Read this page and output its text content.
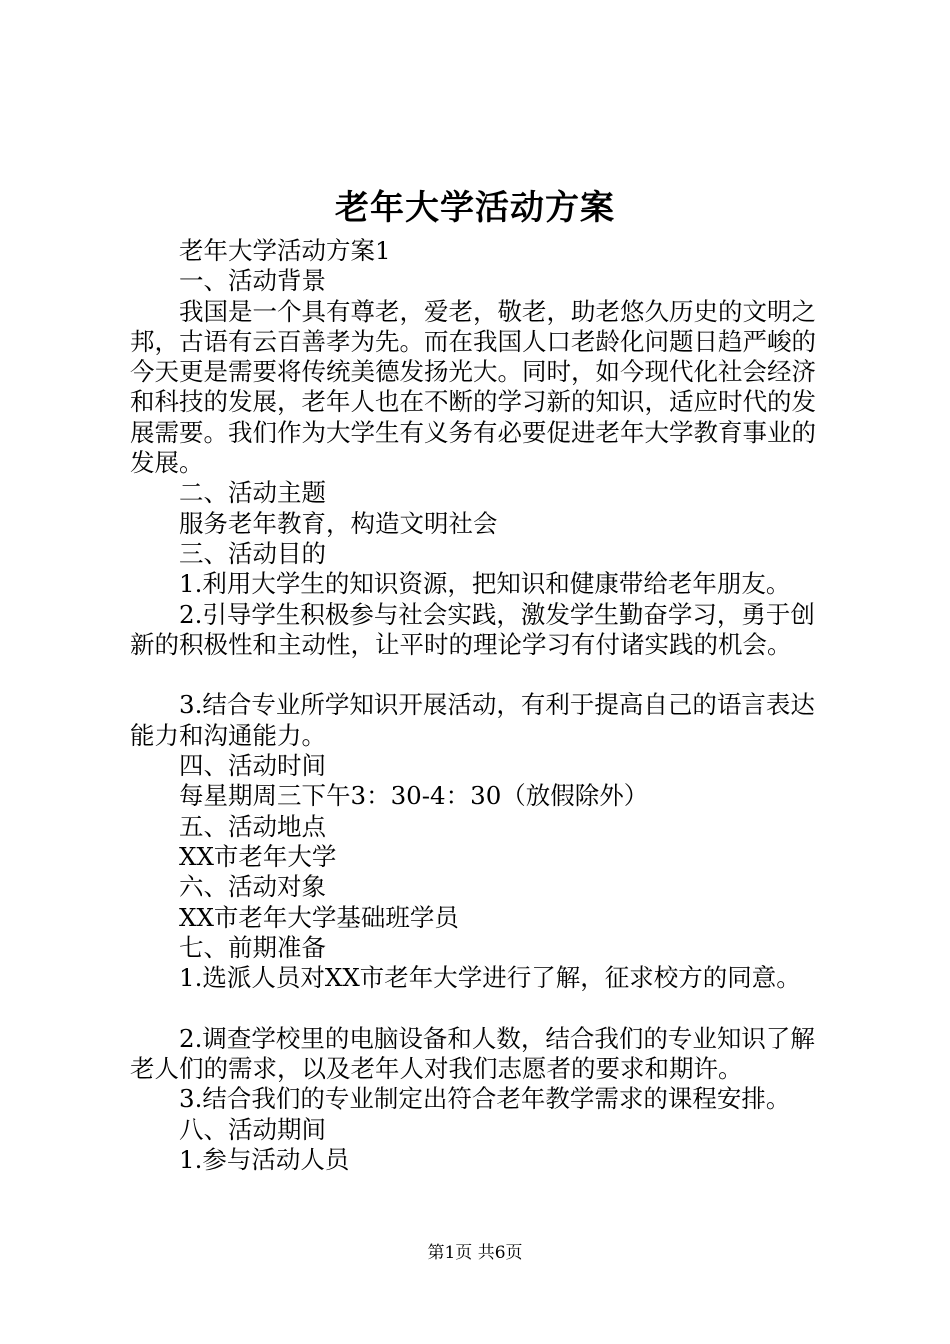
老年大学活动方案

老年大学活动方案1

一、活动背景

我国是一个具有尊老，爱老，敬老，助老悠久历史的文明之邦，古语有云百善孝为先。而在我国人口老龄化问题日趋严峻的今天更是需要将传统美德发扬光大。同时，如今现代化社会经济和科技的发展，老年人也在不断的学习新的知识，适应时代的发展需要。我们作为大学生有义务有必要促进老年大学教育事业的发展。

二、活动主题

服务老年教育，构造文明社会

三、活动目的

1.利用大学生的知识资源，把知识和健康带给老年朋友。

2.引导学生积极参与社会实践，激发学生勤奋学习，勇于创新的积极性和主动性，让平时的理论学习有付诸实践的机会。

3.结合专业所学知识开展活动，有利于提高自己的语言表达能力和沟通能力。

四、活动时间

每星期周三下午3：30-4：30（放假除外）

五、活动地点

XX市老年大学

六、活动对象

XX市老年大学基础班学员

七、前期准备

1.选派人员对XX市老年大学进行了解，征求校方的同意。

2.调查学校里的电脑设备和人数，结合我们的专业知识了解老人们的需求，以及老年人对我们志愿者的要求和期许。

3.结合我们的专业制定出符合老年教学需求的课程安排。

八、活动期间

1.参与活动人员

第1页 共6页
